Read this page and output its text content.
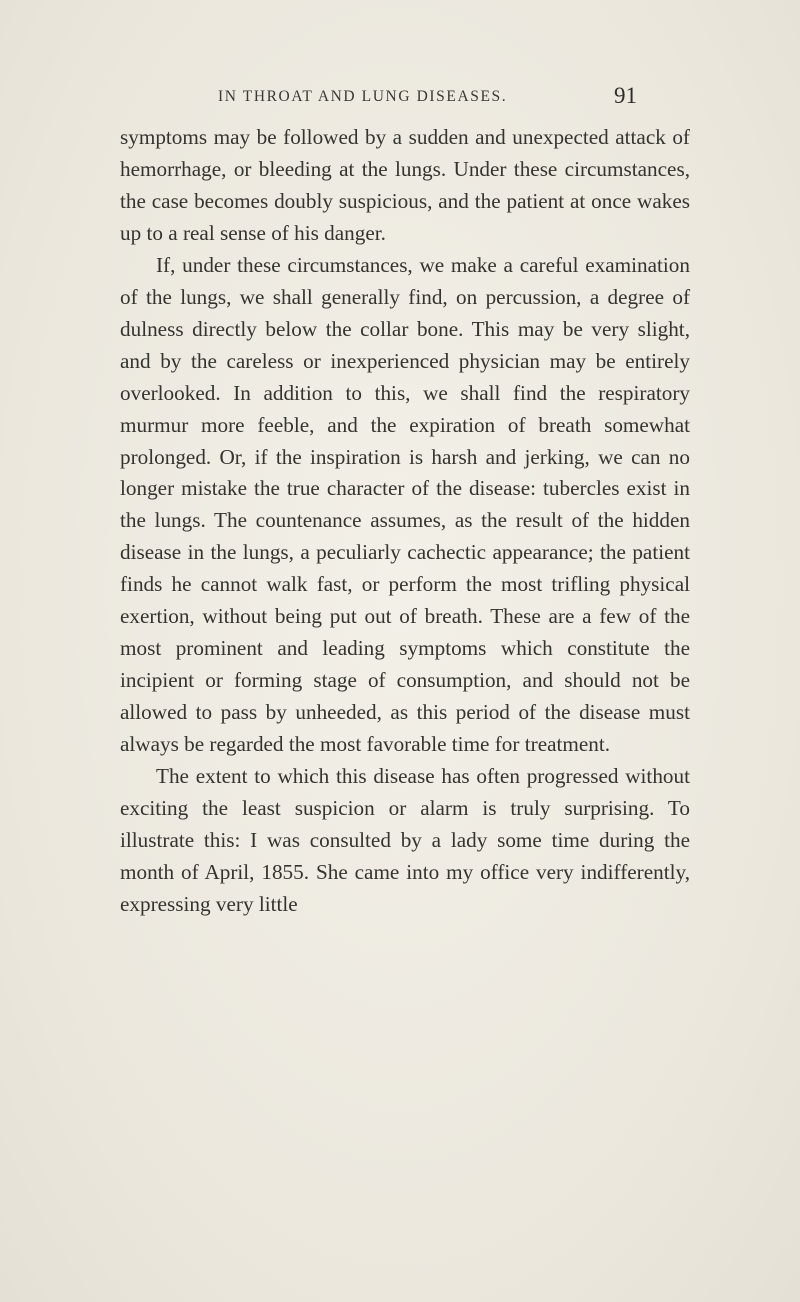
IN THROAT AND LUNG DISEASES.	91

symptoms may be followed by a sudden and unexpected attack of hemorrhage, or bleeding at the lungs. Under these circumstances, the case becomes doubly suspicious, and the patient at once wakes up to a real sense of his danger.

If, under these circumstances, we make a careful examination of the lungs, we shall generally find, on percussion, a degree of dulness directly below the collar bone. This may be very slight, and by the careless or inexperienced physician may be entirely overlooked. In addition to this, we shall find the respiratory murmur more feeble, and the expiration of breath somewhat prolonged. Or, if the inspiration is harsh and jerking, we can no longer mistake the true character of the disease: tubercles exist in the lungs. The countenance assumes, as the result of the hidden disease in the lungs, a peculiarly cachectic appearance; the patient finds he cannot walk fast, or perform the most trifling physical exertion, without being put out of breath. These are a few of the most prominent and leading symptoms which constitute the incipient or forming stage of consumption, and should not be allowed to pass by unheeded, as this period of the disease must always be regarded the most favorable time for treatment.

The extent to which this disease has often progressed without exciting the least suspicion or alarm is truly surprising. To illustrate this: I was consulted by a lady some time during the month of April, 1855. She came into my office very indifferently, expressing very little
